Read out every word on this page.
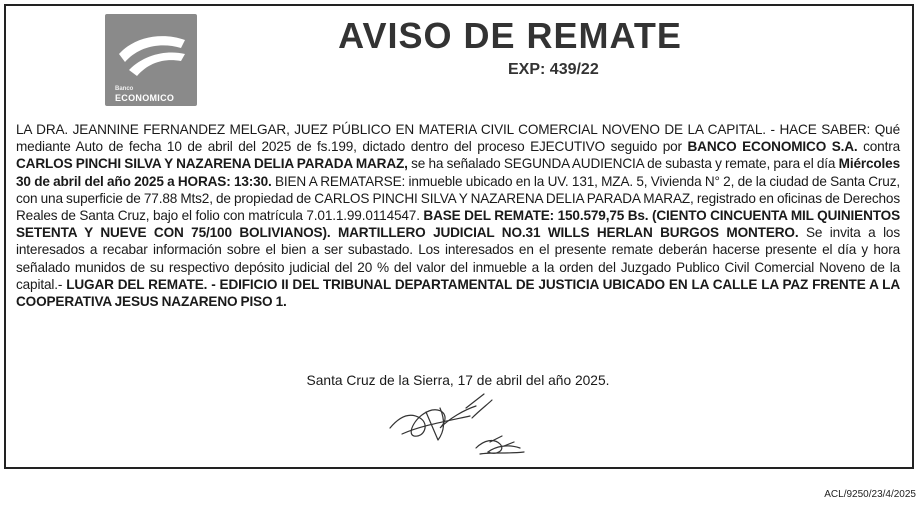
Banco
ECONOMICO
AVISO DE REMATE
EXP: 439/22

LA DRA. JEANNINE FERNANDEZ MELGAR, JUEZ PÚBLICO EN MATERIA CIVIL COMERCIAL NOVENO DE LA CAPITAL. - HACE SABER: Qué mediante Auto de fecha 10 de abril del 2025 de fs.199, dictado dentro del proceso EJECUTIVO seguido por BANCO ECONOMICO S.A. contra CARLOS PINCHI SILVA Y NAZARENA DELIA PARADA MARAZ, se ha señalado SEGUNDA AUDIENCIA de subasta y remate, para el día Miércoles 30 de abril del año 2025 a HORAS: 13:30. BIEN A REMATARSE: inmueble ubicado en la UV. 131, MZA. 5, Vivienda N° 2, de la ciudad de Santa Cruz, con una superficie de 77.88 Mts2, de propiedad de CARLOS PINCHI SILVA Y NAZARENA DELIA PARADA MARAZ, registrado en oficinas de Derechos Reales de Santa Cruz, bajo el folio con matrícula 7.01.1.99.0114547. BASE DEL REMATE: 150.579,75 Bs. (CIENTO CINCUENTA MIL QUINIENTOS SETENTA Y NUEVE CON 75/100 BOLIVIANOS). MARTILLERO JUDICIAL NO.31 WILLS HERLAN BURGOS MONTERO. Se invita a los interesados a recabar información sobre el bien a ser subastado. Los interesados en el presente remate deberán hacerse presente el día y hora señalado munidos de su respectivo depósito judicial del 20 % del valor del inmueble a la orden del Juzgado Publico Civil Comercial Noveno de la capital.- LUGAR DEL REMATE. - EDIFICIO II DEL TRIBUNAL DEPARTAMENTAL DE JUSTICIA UBICADO EN LA CALLE LA PAZ FRENTE A LA COOPERATIVA JESUS NAZARENO PISO 1.

Santa Cruz de la Sierra, 17 de abril del año 2025.

ACL/9250/23/4/2025
